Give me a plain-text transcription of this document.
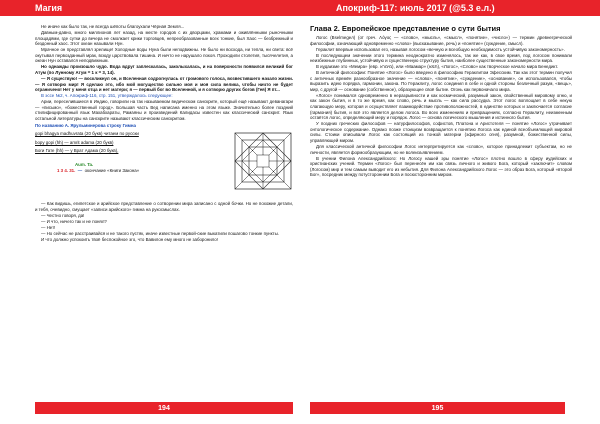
Магия

Не иначе как было так, не всегда шёпоты благоухали Чёрная Земля...

Давным-давно, много миллионов лет назад, на месте городов с их дворцами, храмами и оживлёнными рыночными площадями, где сутки до вечера не смолкает крики торговцев, непреобразованные всех тонкие, был Хаос — безбрежный и бездонный хаос. Этот океан называли Нун.

Мрачное он представлял зрелище! Холодные воды Нуна были неподвижны. Не было ни восхода, ни тепла, ни света: всё окутывал первозданный мрак, всюду царствовала тишина. И ничто не нарушало покоя. Проходили столетия, тысячелетия, а океан Нун оставался неподвижным.

Но однажды произошло чудо. Вода вдруг заплескалась, заколыхалась, и на поверхности появился великий бог Атум (по Лунному Атум = 1 к = 3, 14).

— Я существую! — воскликнул он, и Вселенная содрогнулась от громового голоса, возвестившего начало жизни. — Я сотворю мир! Я сделаю это, ибо мой могущество сильно моя и моя сила велика, чтобы ничто не будет ограничено! Нет у меня отца и нет матери; я — первый бог во Вселенной, и я сотворю других богов (Гея) Я пт...

В эссе №2, ч. Апокриф-116, стр. 151, утверждалось следующее:

Арии, переселившиеся в Индию, говорили на так называемом ведическом санскрите, который ещё называют деванагари — «письмо», «божественный город». Большая часть Вед написана именно на этом языке. Значительно более поздний стилифицированный язык Махабхараты, Рамаяны и произведений Калидасы известен как классический санскрит. Язык остальной литературы на санскрите называют классическим санскритом.

По названию А. Ярульминерова строку Гимна

gopi bhagya madhuvrata (20 букв) читаем по русски

bopy gopi (hh) — amrit adama (20 букв)

Боги Гате (hh) — у Врат Адама (20 букв),

Aum. Ta.

1 3 4. 31.  —  окончание «Книги Закона»

— Как видишь, египетское и арийское представление о сотворении мира записано с одной бочки. Но не похожие детали, и тебя, очевидно, смущает «записи арийского» гимна на рукосмыслах.

— Честно говоря, да!

— И что, ничего так и не понял?

— Нет!

— Но сейчас не расстраивайся и не такого пустяк, иначе известные первой-ские выкатили пошагово тонкие пункты.

И что должно успокоить твоё беспокойное эго, что Вавилон ему много не заборонило!

194
Апокриф-117: июль 2017 (@5.3 е.л.)

Глава 2. Европейское представление о сути бытия

Логос (Вselmegeл) (от греч. Λόγος — «слово», «мысль», «смысл», «понятие», «число») — термин древнегреческой философии, означающий одновременно «слово» (высказывание, речь) и «понятие» (суждение, смысл).

Гераклит впервые использовал его, называя логосом «вечную и всеобщую необходимость устойчивую закономерность».

В последующем значении этого термина неоднократно изменялось, так же как, в свое время, под логосом понимали неизбежные глубинных, устойчивую и существенную структуру бытия, наиболее существенные закономерности мира.

В иудаизме это «Мемра» (евр. מימרא), или «Маамар» (תמא), «Логос», «Слово» как творческое начало мира Бенедикт.

В античной философии: Понятие «Логос» было введено в философию Гераклитом Эфесским. Так как этот термин получил с античных времён разнообразное значение — «слово», «понятие», «суждение», «основание», он использовался, чтобы выразить идею порядка, гармонии, закона. По Гераклиту, логос соединил в себе и одной стороны безличный разум, «вещь», мир, с другой — основание (собственное), образующее своё бытие. Огонь как первоначало мира.

«Логос» понимался одновременно в неразрывности и как космический, разумный закон, свойственный мировому огню, и как закон бытия, и в то же время, как слово, речь и мысль — как сила рассудка. Этот логос воплощает в себе некую слагающую меру, которая и осуществляет взаимодействие противоположностей, в единстве которых и заключается согласие (гармония) бытия, и всё это является делом логоса. Во всех изменениях и превращениях, согласно Гераклиту, неизменным остаётся логос, определяющий меру и порядок. Логос — основа логического мышления и истинного бытия.

У поздних греческих философов — натурфилософов, софистов, Платона и Аристотеля — понятие «Логос» утрачивает онтологическое содержание. Однако позже стоицизм возвращается к понятию Логоса как единой всеобъемлющей мировой силы. Стоики описывали Логос как состоящий из тонкой материи (эфирного огня), разумной, божественной силы, управляющей миром.

Для классической античной философии Логос интерпретируется как «слово», которое принадлежит субъектам, но не личности, является формообразующим, но не волеизъявлением.

В учении Филона Александрийского: Но Логосу нашей эры понятие «Логос» плотно вошло в сферу иудейских и христианских учений. Термин «Логос» был перенесён им как связь личного и живого Бога, который «заключит» словом (Логосом) мир и тем самым выводит его из небытия. Для Филона Александрийского Логос — это образ Бога, который «второй Бог», посредник между потусторонним Бога и посюсторонним миром.

195
